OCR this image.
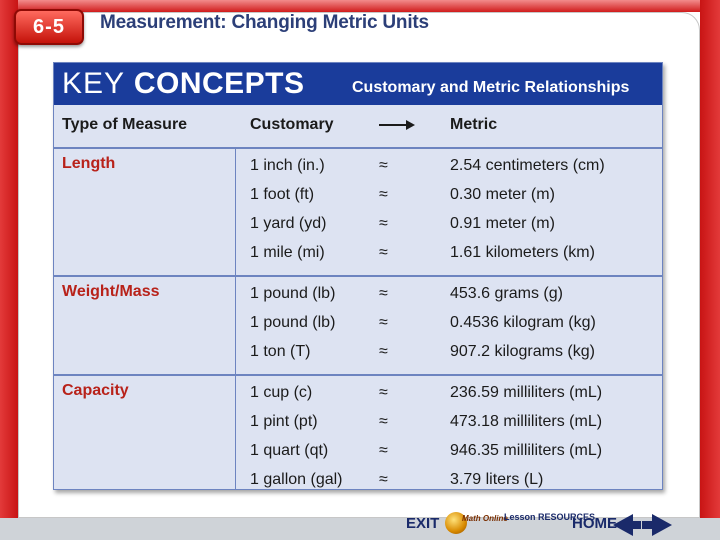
6-5	Measurement: Changing Metric Units
KEY CONCEPTS	Customary and Metric Relationships
Type of Measure	Customary	Metric
Length	1 inch (in.)	≈	2.54 centimeters (cm)
1 foot (ft)	≈	0.30 meter (m)
1 yard (yd)	≈	0.91 meter (m)
1 mile (mi)	≈	1.61 kilometers (km)
Weight/Mass	1 pound (lb)	≈	453.6 grams (g)
1 pound (lb)	≈	0.4536 kilogram (kg)
1 ton (T)	≈	907.2 kilograms (kg)
Capacity	1 cup (c)	≈	236.59 milliliters (mL)
1 pint (pt)	≈	473.18 milliliters (mL)
1 quart (qt)	≈	946.35 milliliters (mL)
1 gallon (gal) ≈	3.79 liters (L)
EXIT	Math Online
Lesson RESOURCES
HOME
